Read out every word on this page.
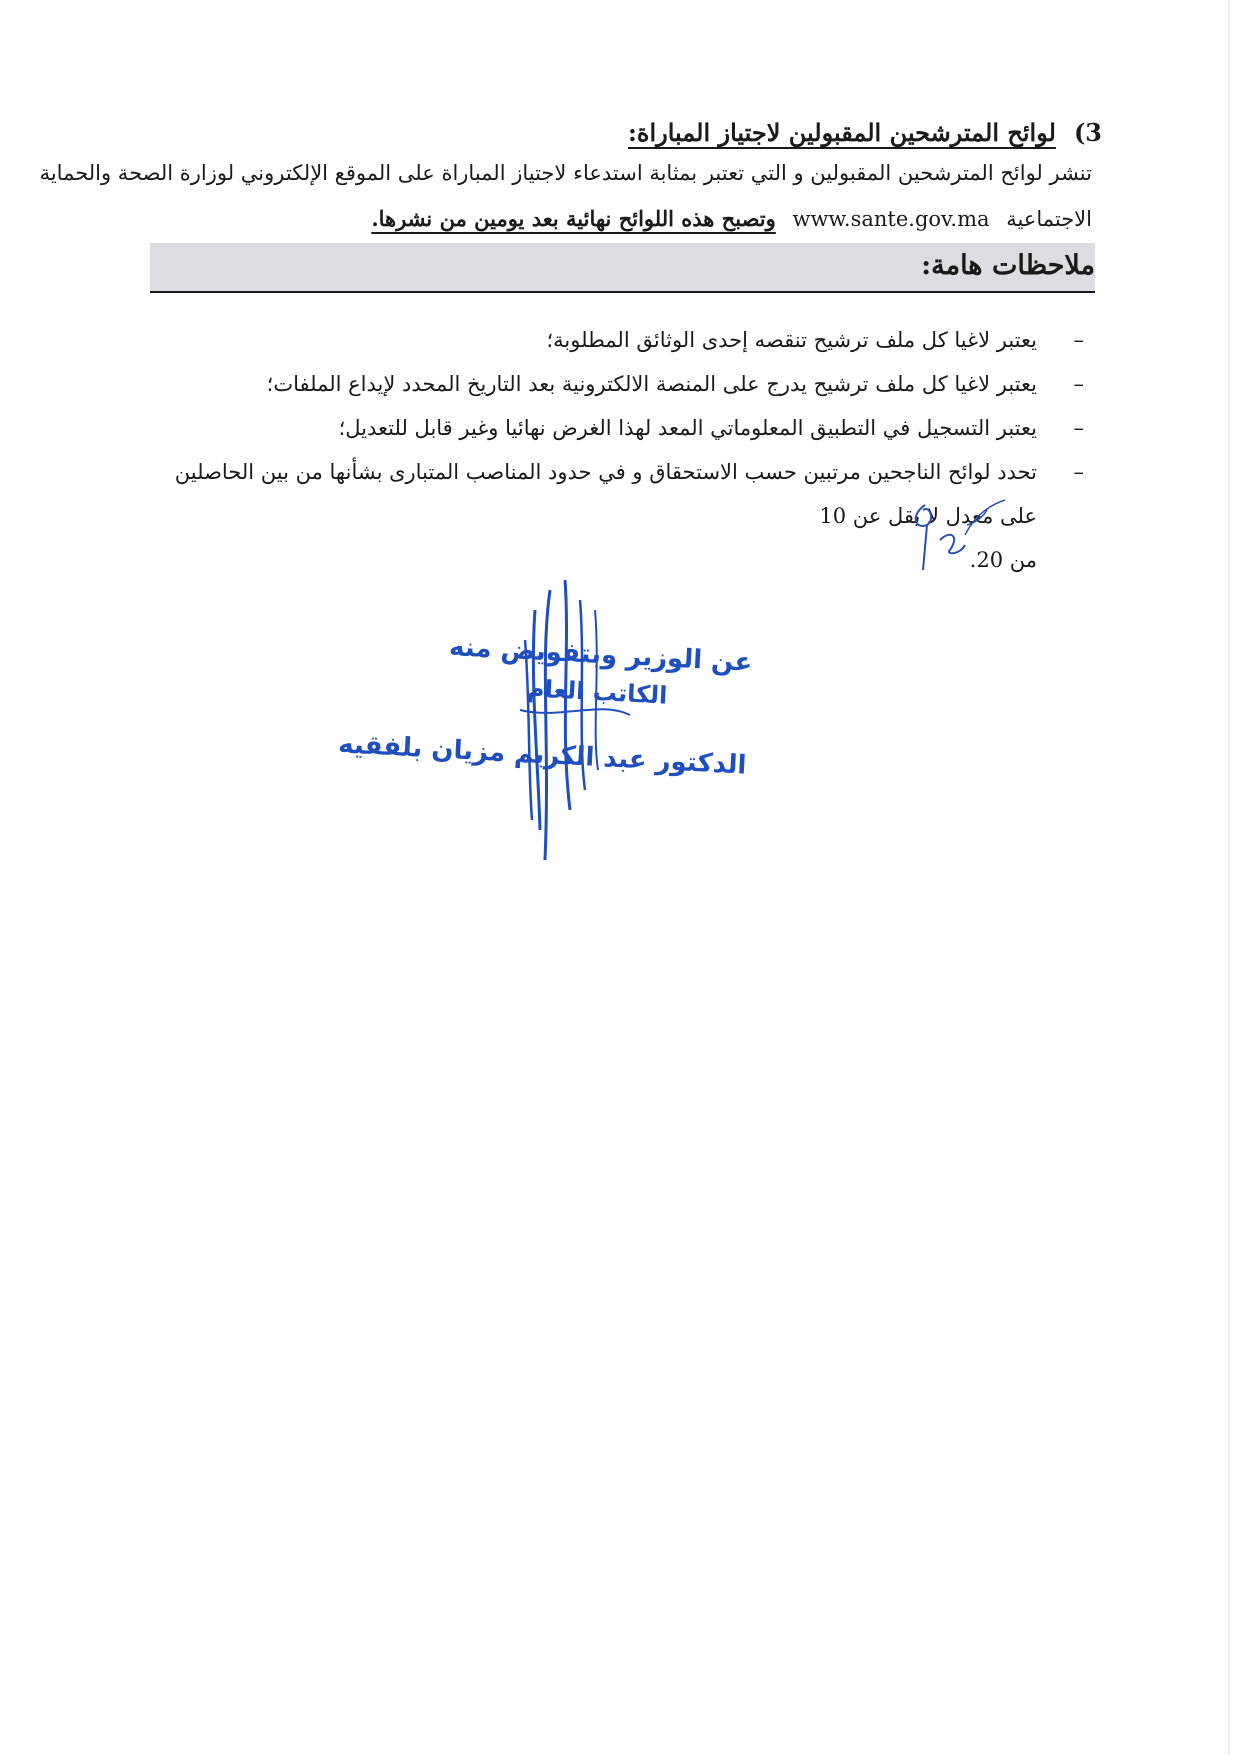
3)
لوائح المترشحين المقبولين لاجتياز المباراة:
تنشر لوائح المترشحين المقبولين و التي تعتبر بمثابة استدعاء لاجتياز المباراة على الموقع الإلكتروني لوزارة الصحة والحماية
الاجتماعية www.sante.gov.ma وتصبح هذه اللوائح نهائية بعد يومين من نشرها.
ملاحظات هامة:
–
يعتبر لاغيا كل ملف ترشيح تنقصه إحدى الوثائق المطلوبة؛
–
يعتبر لاغيا كل ملف ترشيح يدرج على المنصة الالكترونية بعد التاريخ المحدد لإيداع الملفات؛
–
يعتبر التسجيل في التطبيق المعلوماتي المعد لهذا الغرض نهائيا وغير قابل للتعديل؛
–
تحدد لوائح الناجحين مرتبين حسب الاستحقاق و في حدود المناصب المتبارى بشأنها من بين الحاصلين على معدل لا يقل عن 10
من 20.
عن الوزير وبتفويض منه
الكاتب العام
الدكتور عبد الكريم مزيان بلفقيه
